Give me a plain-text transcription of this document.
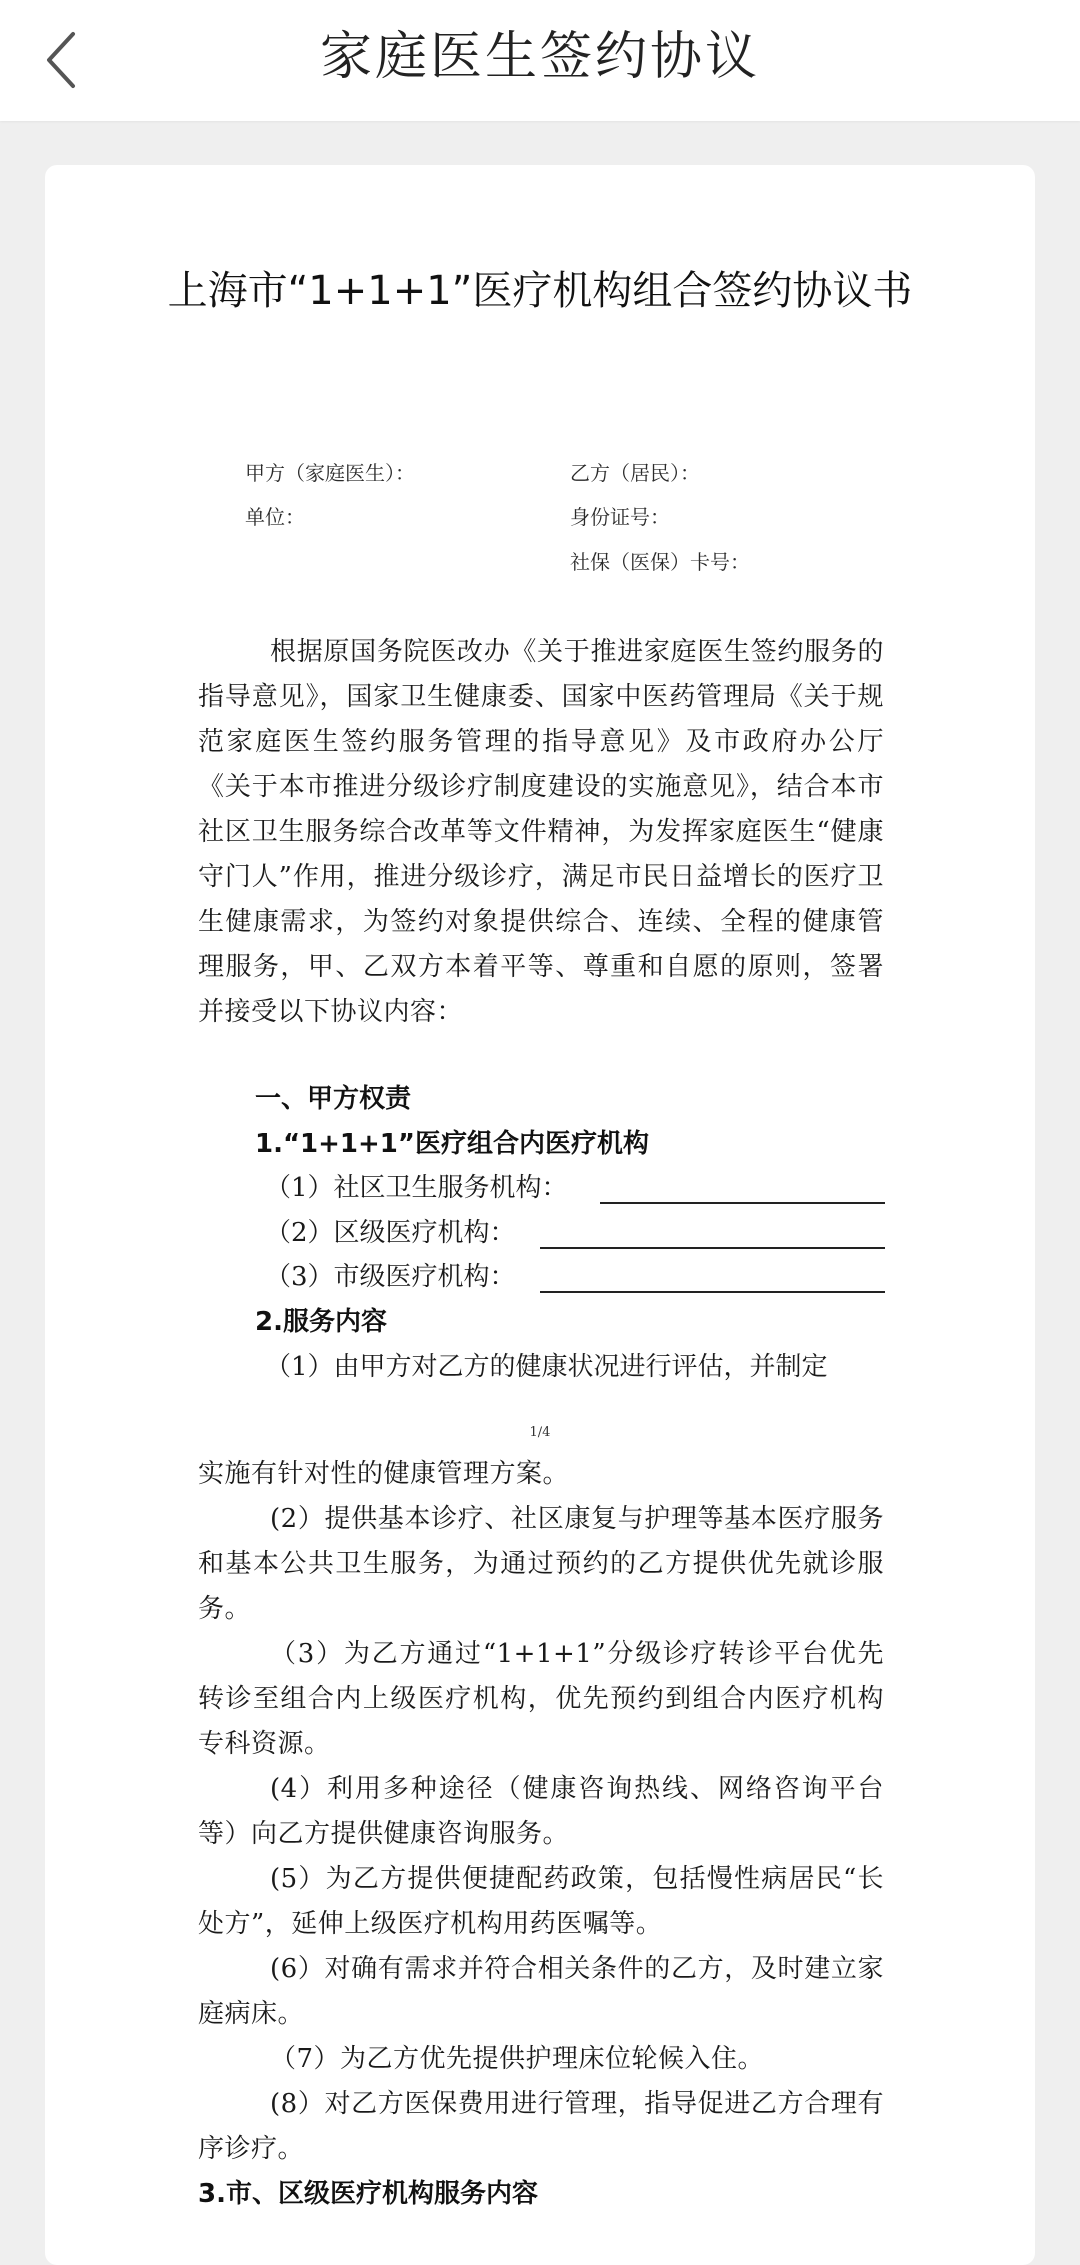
家庭医生签约协议
上海市“1+1+1”医疗机构组合签约协议书
甲方（家庭医生）：
单位：
乙方（居民）：
身份证号：
社保（医保）卡号：
根据原国务院医改办《关于推进家庭医生签约服务的指导意见》，国家卫生健康委、国家中医药管理局《关于规范家庭医生签约服务管理的指导意见》及市政府办公厅《关于本市推进分级诊疗制度建设的实施意见》，结合本市社区卫生服务综合改革等文件精神，为发挥家庭医生“健康守门人”作用，推进分级诊疗，满足市民日益增长的医疗卫生健康需求，为签约对象提供综合、连续、全程的健康管理服务，甲、乙双方本着平等、尊重和自愿的原则，签署并接受以下协议内容：
一、甲方权责
1.“1+1+1”医疗组合内医疗机构
（1）社区卫生服务机构：
（2）区级医疗机构：
（3）市级医疗机构：
2.服务内容
（1）由甲方对乙方的健康状况进行评估，并制定
1/4
实施有针对性的健康管理方案。
(2）提供基本诊疗、社区康复与护理等基本医疗服务和基本公共卫生服务，为通过预约的乙方提供优先就诊服务。
（3）为乙方通过“1+1+1”分级诊疗转诊平台优先转诊至组合内上级医疗机构，优先预约到组合内医疗机构专科资源。
(4）利用多种途径（健康咨询热线、网络咨询平台等）向乙方提供健康咨询服务。
(5）为乙方提供便捷配药政策，包括慢性病居民“长处方”，延伸上级医疗机构用药医嘱等。
(6）对确有需求并符合相关条件的乙方，及时建立家庭病床。
（7）为乙方优先提供护理床位轮候入住。
(8）对乙方医保费用进行管理，指导促进乙方合理有序诊疗。
3.市、区级医疗机构服务内容
